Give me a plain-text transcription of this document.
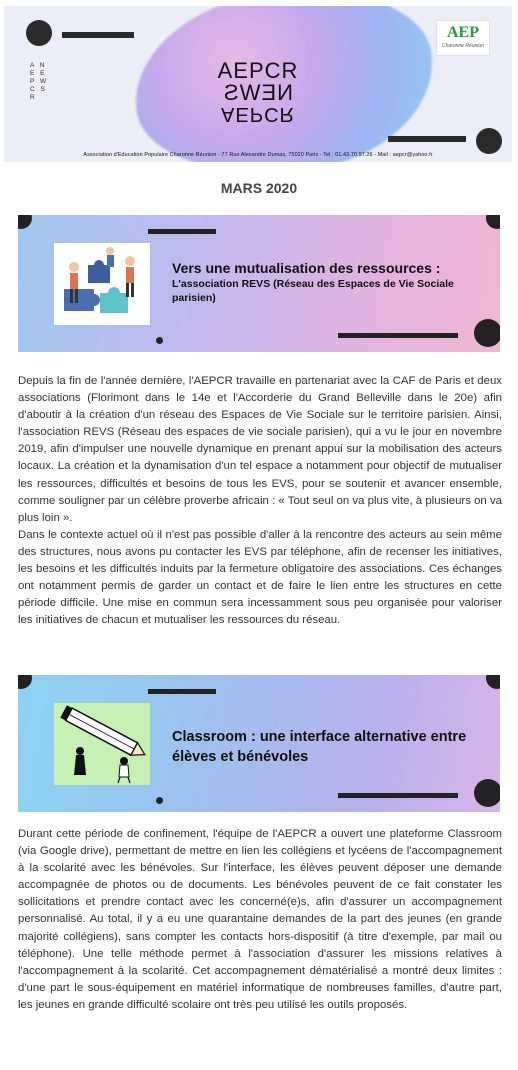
A N
E E
P W
C S
R
AEPCR
NEWS
AEPCR
AEP
Charonne Réunion
Association d'Education Populaire Charonne Réunion - 77 Rue Alexandre Dumas, 75020 Paris - Tel : 01.43.70.97.26 - Mail : aepcr@yahoo.fr
MARS 2020
Vers une mutualisation des ressources :
L'association REVS (Réseau des Espaces de Vie Sociale parisien)

Depuis la fin de l'année dernière, l'AEPCR travaille en partenariat avec la CAF de Paris et deux associations (Florimont dans le 14e et l'Accorderie du Grand Belleville dans le 20e) afin d'aboutir à la création d'un réseau des Espaces de Vie Sociale sur le territoire parisien. Ainsi, l'association REVS (Réseau des espaces de vie sociale parisien), qui a vu le jour en novembre 2019, afin d'impulser une nouvelle dynamique en prenant appui sur la mobilisation des acteurs locaux. La création et la dynamisation d'un tel espace a notamment pour objectif de mutualiser les ressources, difficultés et besoins de tous les EVS, pour se soutenir et avancer ensemble, comme souligner par un célèbre proverbe africain : « Tout seul on va plus vite, à plusieurs on va plus loin ».

Dans le contexte actuel où il n'est pas possible d'aller à la rencontre des acteurs au sein même des structures, nous avons pu contacter les EVS par téléphone, afin de recenser les initiatives, les besoins et les difficultés induits par la fermeture obligatoire des associations. Ces échanges ont notamment permis de garder un contact et de faire le lien entre les structures en cette période difficile. Une mise en commun sera incessamment sous peu organisée pour valoriser les initiatives de chacun et mutualiser les ressources du réseau.

Classroom : une interface alternative entre élèves et bénévoles

Durant cette période de confinement, l'équipe de l'AEPCR a ouvert une plateforme Classroom (via Google drive), permettant de mettre en lien les collégiens et lycéens de l'accompagnement à la scolarité avec les bénévoles. Sur l'interface, les élèves peuvent déposer une demande accompagnée de photos ou de documents. Les bénévoles peuvent de ce fait constater les sollicitations et prendre contact avec les concerné(e)s, afin d'assurer un accompagnement personnalisé. Au total, il y a eu une quarantaine demandes de la part des jeunes (en grande majorité collégiens), sans compter les contacts hors-dispositif (à titre d'exemple, par mail ou téléphone). Une telle méthode permet à l'association d'assurer les missions relatives à l'accompagnement à la scolarité. Cet accompagnement dématérialisé a montré deux limites : d'une part le sous-équipement en matériel informatique de nombreuses familles, d'autre part, les jeunes en grande difficulté scolaire ont très peu utilisé les outils proposés.
